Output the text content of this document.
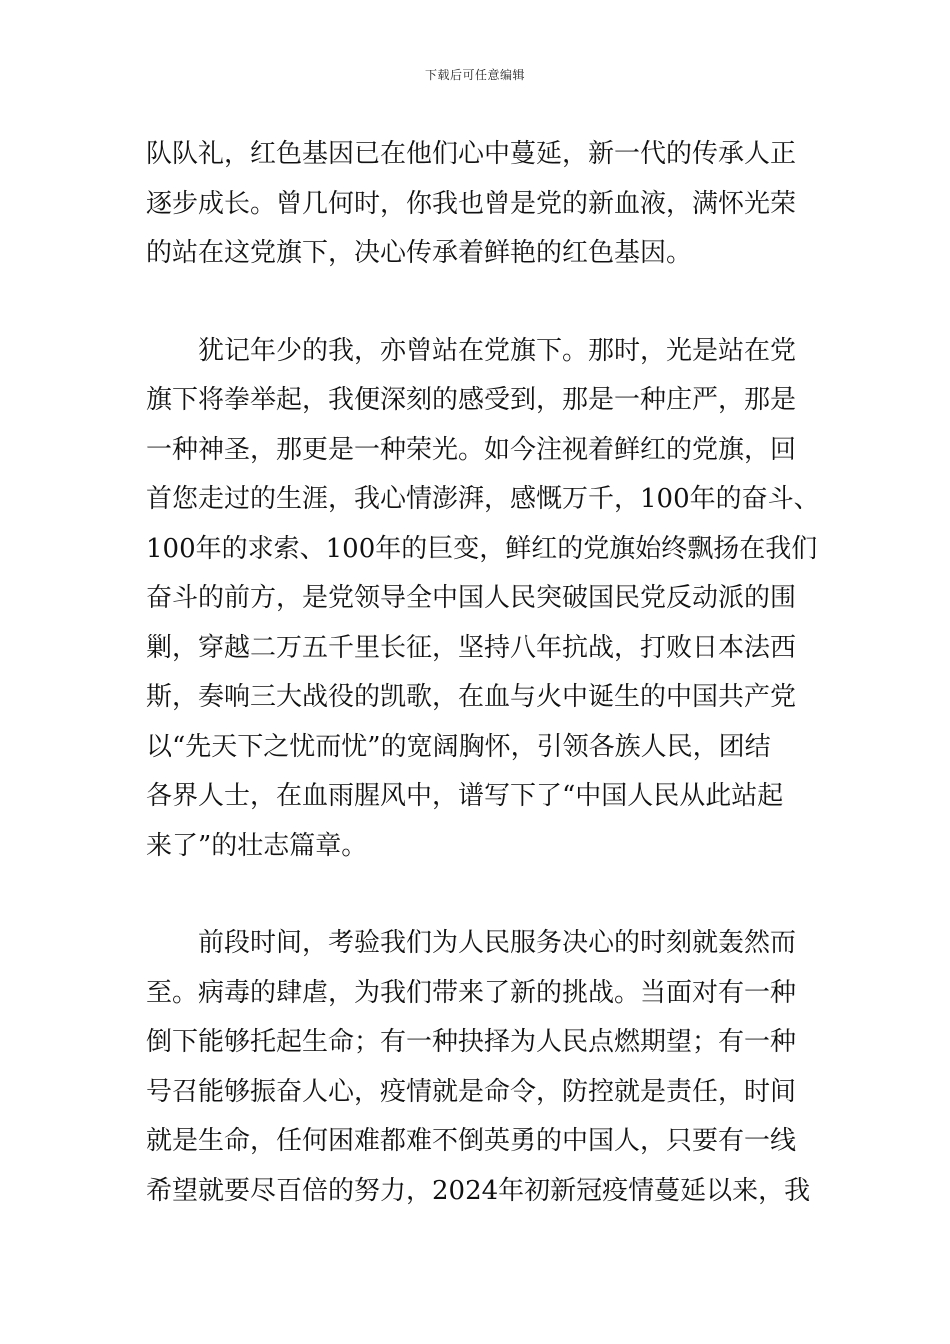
下载后可任意编辑
队队礼，红色基因已在他们心中蔓延，新一代的传承人正
逐步成长。曾几何时，你我也曾是党的新血液，满怀光荣
的站在这党旗下，决心传承着鲜艳的红色基因。
犹记年少的我，亦曾站在党旗下。那时，光是站在党
旗下将拳举起，我便深刻的感受到，那是一种庄严，那是
一种神圣，那更是一种荣光。如今注视着鲜红的党旗，回
首您走过的生涯，我心情澎湃，感慨万千，100年的奋斗、
100年的求索、100年的巨变，鲜红的党旗始终飘扬在我们
奋斗的前方，是党领导全中国人民突破国民党反动派的围
剿，穿越二万五千里长征，坚持八年抗战，打败日本法西
斯，奏响三大战役的凯歌，在血与火中诞生的中国共产党
以“先天下之忧而忧”的宽阔胸怀，引领各族人民，团结
各界人士，在血雨腥风中，谱写下了“中国人民从此站起
来了”的壮志篇章。
前段时间，考验我们为人民服务决心的时刻就轰然而
至。病毒的肆虐，为我们带来了新的挑战。当面对有一种
倒下能够托起生命；有一种抉择为人民点燃期望；有一种
号召能够振奋人心，疫情就是命令，防控就是责任，时间
就是生命，任何困难都难不倒英勇的中国人，只要有一线
希望就要尽百倍的努力，2024年初新冠疫情蔓延以来，我
